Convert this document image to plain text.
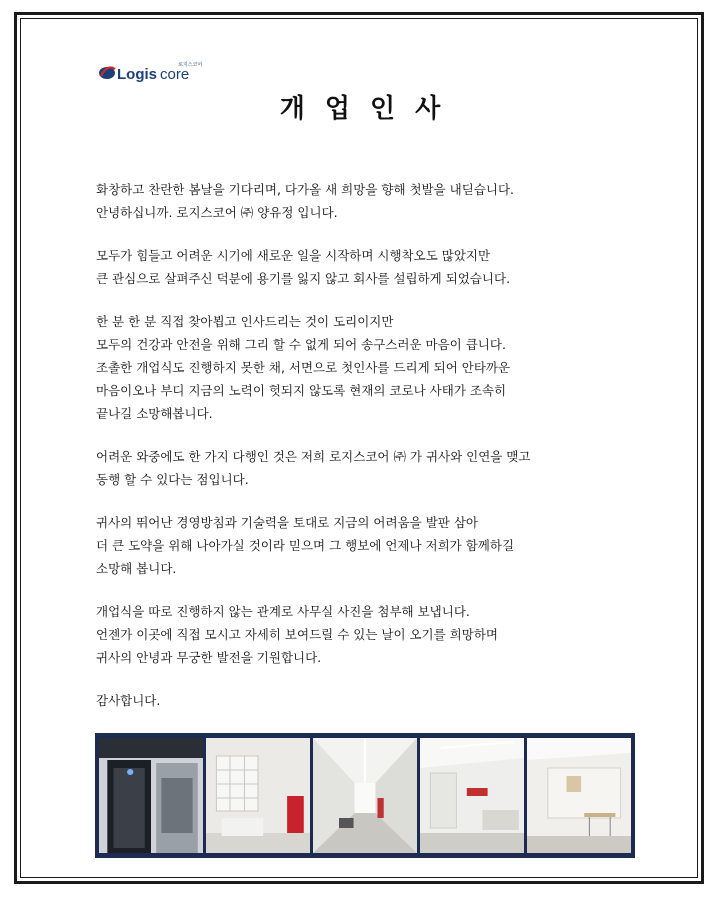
Logis core
로지스코어
개업인사
화창하고 찬란한 봄날을 기다리며, 다가올 새 희망을 향해 첫발을 내딛습니다.
안녕하십니까. 로지스코어 ㈜ 양유정 입니다.
모두가 힘들고 어려운 시기에 새로운 일을 시작하며 시행착오도 많았지만
큰 관심으로 살펴주신 덕분에 용기를 잃지 않고 회사를 설립하게 되었습니다.
한 분 한 분 직접 찾아뵙고 인사드리는 것이 도리이지만
모두의 건강과 안전을 위해 그리 할 수 없게 되어 송구스러운 마음이 큽니다.
조촐한 개업식도 진행하지 못한 채, 서면으로 첫인사를 드리게 되어 안타까운
마음이오나 부디 지금의 노력이 헛되지 않도록 현재의 코로나 사태가 조속히
끝나길 소망해봅니다.
어려운 와중에도 한 가지 다행인 것은 저희 로지스코어 ㈜ 가 귀사와 인연을 맺고
동행 할 수 있다는 점입니다.
귀사의 뛰어난 경영방침과 기술력을 토대로 지금의 어려움을 발판 삼아
더 큰 도약을 위해 나아가실 것이라 믿으며 그 행보에 언제나 저희가 함께하길
소망해 봅니다.
개업식을 따로 진행하지 않는 관계로 사무실 사진을 첨부해 보냅니다.
언젠가 이곳에 직접 모시고 자세히 보여드릴 수 있는 날이 오기를 희망하며
귀사의 안녕과 무궁한 발전을 기원합니다.
감사합니다.
